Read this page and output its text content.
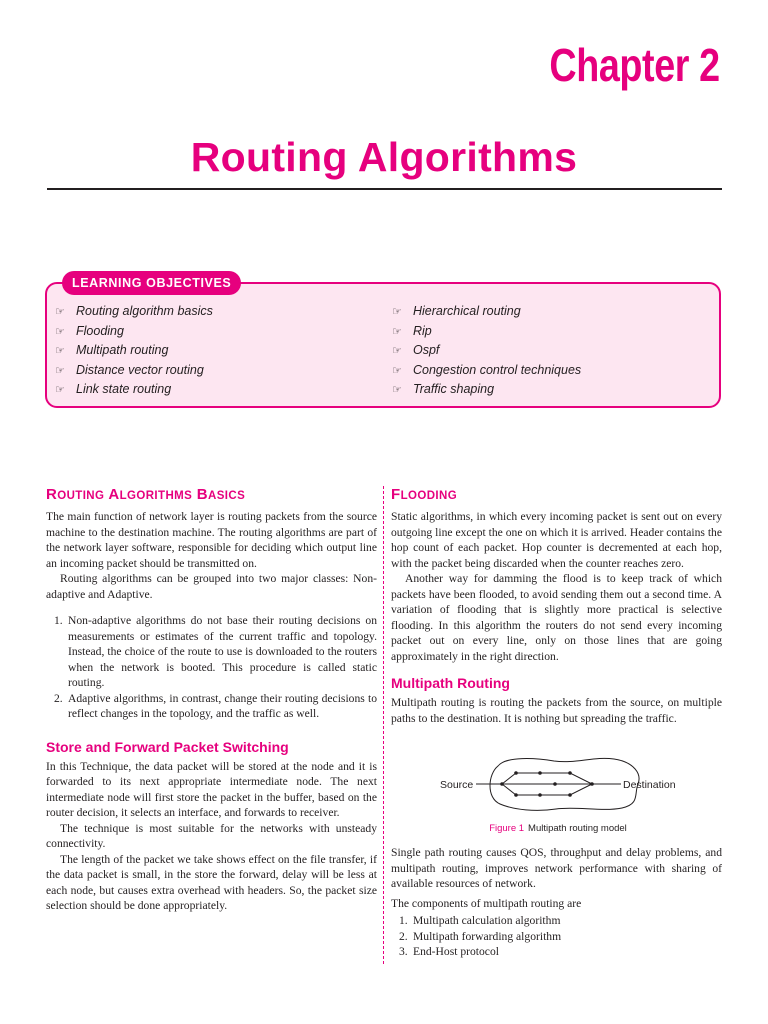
Chapter 2
Routing Algorithms
LEARNING OBJECTIVES
☞ Routing algorithm basics
☞ Flooding
☞ Multipath routing
☞ Distance vector routing
☞ Link state routing
☞ Hierarchical routing
☞ Rip
☞ Ospf
☞ Congestion control techniques
☞ Traffic shaping
ROUTING ALGORITHMS BASICS

The main function of network layer is routing packets from the source machine to the destination machine. The routing algorithms are part of the network layer software, responsible for deciding which output line an incoming packet should be transmitted on.

Routing algorithms can be grouped into two major classes: Non-adaptive and Adaptive.

1. Non-adaptive algorithms do not base their routing decisions on measurements or estimates of the current traffic and topology. Instead, the choice of the route to use is downloaded to the routers when the network is booted. This procedure is called static routing.
2. Adaptive algorithms, in contrast, change their routing decisions to reflect changes in the topology, and the traffic as well.
Store and Forward Packet Switching

In this Technique, the data packet will be stored at the node and it is forwarded to its next appropriate intermediate node. The next intermediate node will first store the packet in the buffer, based on the router decision, it selects an interface, and forwards to receiver.

The technique is most suitable for the networks with unsteady connectivity.

The length of the packet we take shows effect on the file transfer, if the data packet is small, in the store the forward, delay will be less at each node, but causes extra overhead with headers. So, the packet size selection should be done appropriately.

FLOODING

Static algorithms, in which every incoming packet is sent out on every outgoing line except the one on which it is arrived. Header contains the hop count of each packet. Hop counter is decremented at each hop, with the packet being discarded when the counter reaches zero.

Another way for damming the flood is to keep track of which packets have been flooded, to avoid sending them out a second time. A variation of flooding that is slightly more practical is selective flooding. In this algorithm the routers do not send every incoming packet out on every line, only on those lines that are going approximately in the right direction.

Multipath Routing

Multipath routing is routing the packets from the source, on multiple paths to the destination. It is nothing but spreading the traffic.

Source	Destination
Figure 1 Multipath routing model

Single path routing causes QOS, throughput and delay problems, and multipath routing, improves network performance with sharing of available resources of network.

The components of multipath routing are

1. Multipath calculation algorithm
2. Multipath forwarding algorithm
3. End-Host protocol
